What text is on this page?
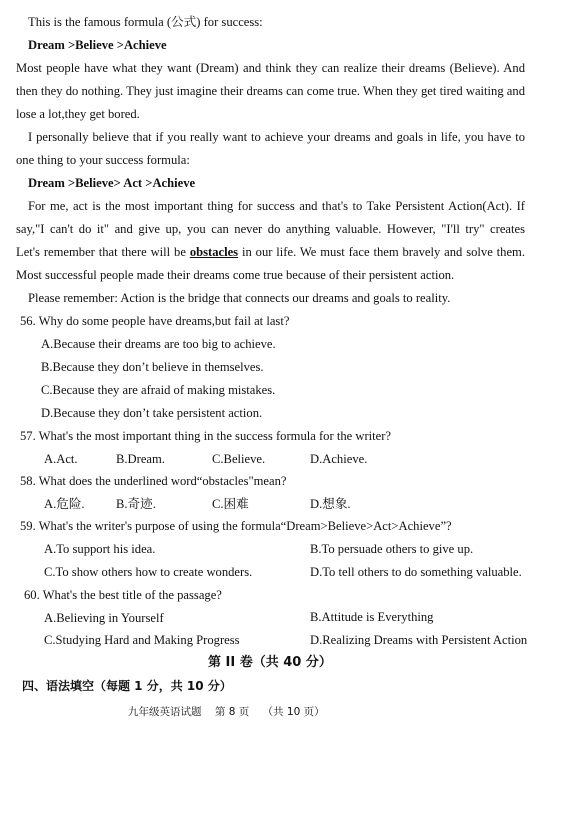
This is the famous formula (公式) for success:
Dream >Believe >Achieve
Most people have what they want (Dream) and think they can realize their dreams (Believe). And
then they do nothing. They just imagine their dreams can come true. When they get tired waiting and
lose a lot,they get bored.
I personally believe that if you really want to achieve your dreams and goals in life, you have to
one thing to your success formula:
Dream >Believe> Act >Achieve
For me, act is the most important thing for success and that's to Take Persistent Action(Act). If
say,"I can't do it" and give up, you can never do anything valuable. However, "I'll try" creates
Let's remember that there will be obstacles in our life. We must face them bravely and solve them.
Most successful people made their dreams come true because of their persistent action.
Please remember: Action is the bridge that connects our dreams and goals to reality.
56. Why do some people have dreams,but fail at last?
A.Because their dreams are too big to achieve.
B.Because they don’t believe in themselves.
C.Because they are afraid of making mistakes.
D.Because they don’t take persistent action.
57. What's the most important thing in the success formula for the writer?
A.Act.	B.Dream.	C.Believe.	D.Achieve.
58. What does the underlined word“obstacles"mean?
A.危险. B.奇迹.	C.困难	D.想象.
59. What's the writer's purpose of using the formula“Dream>Believe>Act>Achieve”?
A.To support his idea.	B.To persuade others to give up.
C.To show others how to create wonders.	D.To tell others to do something valuable.
60. What's the best title of the passage?
A.Believing in Yourself	B.Attitude is Everything
C.Studying Hard and Making Progress	D.Realizing Dreams with Persistent Action
第 II 卷（共 40 分）
四、语法填空（每题 1 分，共 10 分）
九年级英语试题    第 8 页    （共 10 页）
